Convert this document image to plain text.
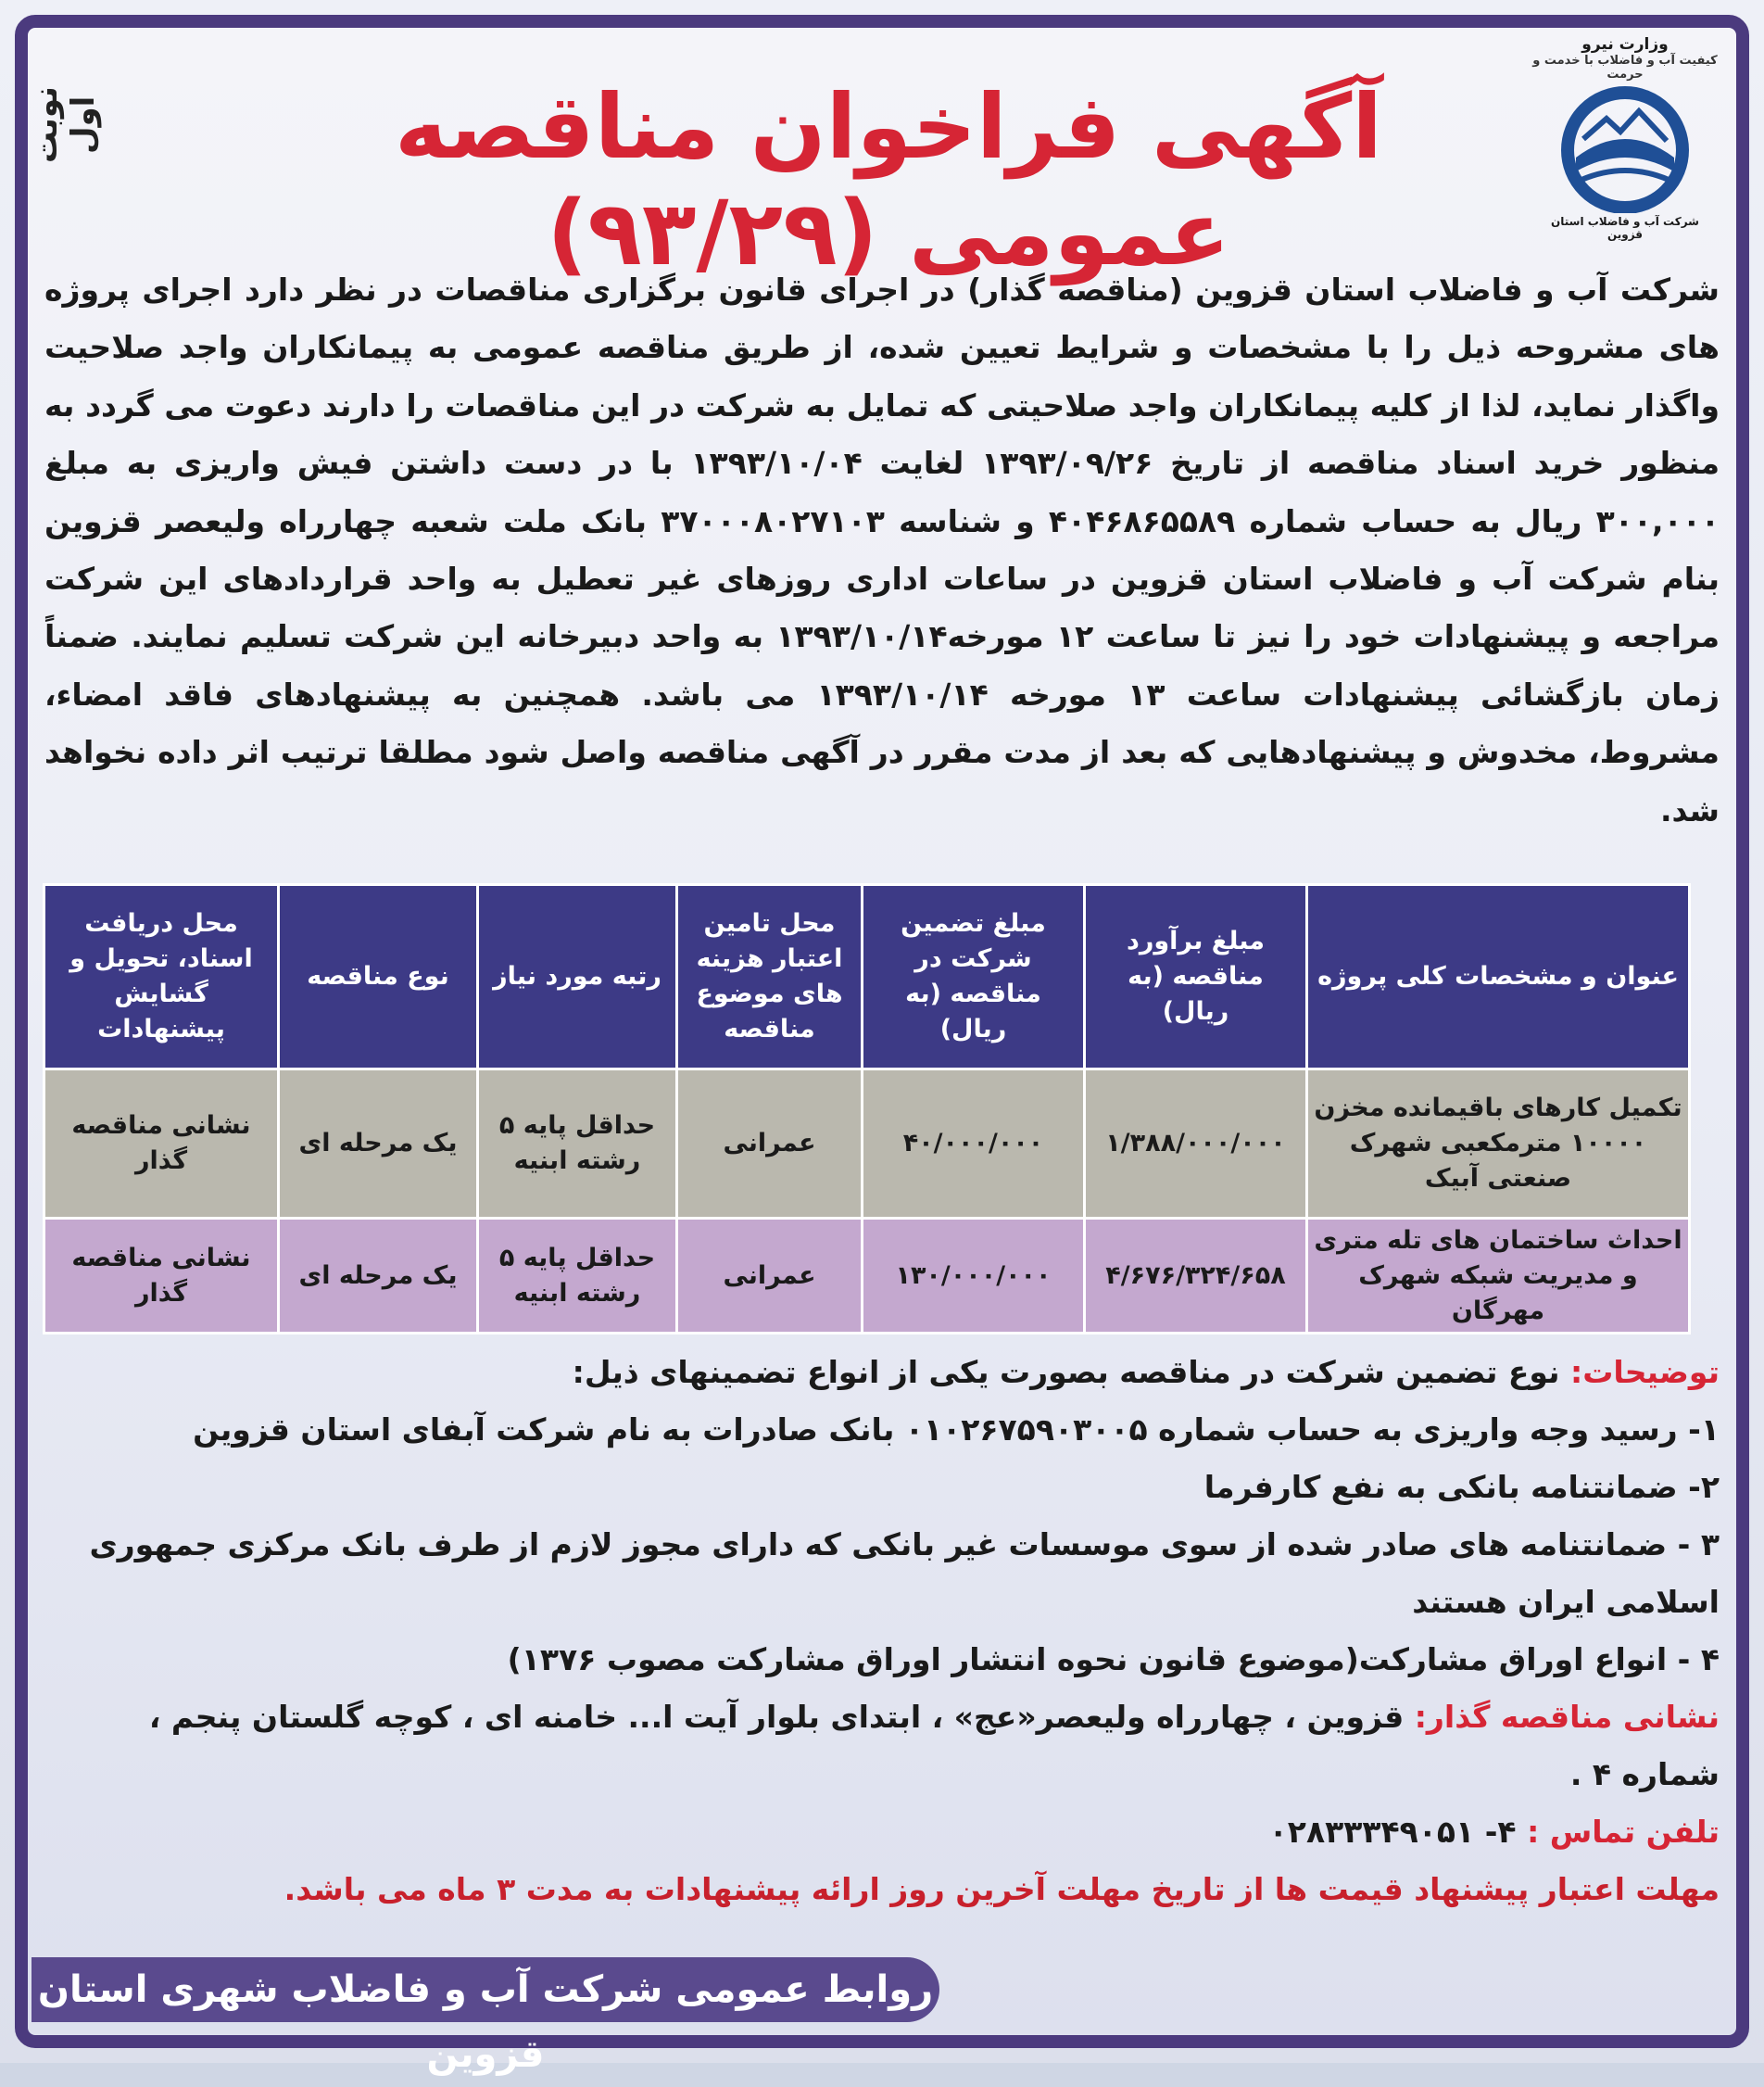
نوبت اول
وزارت نیرو
کیفیت آب و فاضلاب با خدمت و حرمت
شرکت آب و فاضلاب استان قزوین
آگهی فراخوان مناقصه عمومی (۹۳/۲۹)

شرکت آب و فاضلاب استان قزوین (مناقصه گذار) در اجرای قانون برگزاری مناقصات در نظر دارد اجرای پروژه های مشروحه ذیل را با مشخصات و شرایط تعیین شده، از طریق مناقصه عمومی به پیمانکاران واجد صلاحیت واگذار نماید، لذا از کلیه پیمانکاران واجد صلاحیتی که تمایل به شرکت در این مناقصات را دارند دعوت می گردد به منظور خرید اسناد مناقصه از تاریخ ۱۳۹۳/۰۹/۲۶ لغایت ۱۳۹۳/۱۰/۰۴ با در دست داشتن فیش واریزی به مبلغ ۳۰۰,۰۰۰ ریال به حساب شماره ۴۰۴۶۸۶۵۵۸۹ و شناسه ۳۷۰۰۰۸۰۲۷۱۰۳ بانک ملت شعبه چهارراه ولیعصر قزوین بنام شرکت آب و فاضلاب استان قزوین در ساعات اداری روزهای غیر تعطیل به واحد قراردادهای این شرکت مراجعه و پیشنهادات خود را نیز تا ساعت ۱۲ مورخه۱۳۹۳/۱۰/۱۴ به واحد دبیرخانه این شرکت تسلیم نمایند. ضمناً زمان بازگشائی پیشنهادات ساعت ۱۳ مورخه ۱۳۹۳/۱۰/۱۴ می باشد. همچنین به پیشنهادهای فاقد امضاء، مشروط، مخدوش و پیشنهادهایی که بعد از مدت مقرر در آگهی مناقصه واصل شود مطلقا ترتیب اثر داده نخواهد شد.

عنوان و مشخصات کلی پروژه	مبلغ برآورد مناقصه (به ریال)	مبلغ تضمین شرکت در مناقصه (به ریال)	محل تامین اعتبار هزینه های موضوع مناقصه	رتبه مورد نیاز	نوع مناقصه	محل دریافت اسناد، تحویل و گشایش پیشنهادات
تکمیل کارهای باقیمانده مخزن ۱۰۰۰۰ مترمکعبی شهرک صنعتی آبیک	۱/۳۸۸/۰۰۰/۰۰۰	۴۰/۰۰۰/۰۰۰	عمرانی	حداقل پایه ۵ رشته ابنیه	یک مرحله ای	نشانی مناقصه گذار
احداث ساختمان های تله متری و مدیریت شبکه شهرک مهرگان	۴/۶۷۶/۳۲۴/۶۵۸	۱۳۰/۰۰۰/۰۰۰	عمرانی	حداقل پایه ۵ رشته ابنیه	یک مرحله ای	نشانی مناقصه گذار
توضیحات: نوع تضمین شرکت در مناقصه بصورت یکی از انواع تضمینهای ذیل:
۱- رسید وجه واریزی به حساب شماره ۰۱۰۲۶۷۵۹۰۳۰۰۵ بانک صادرات به نام شرکت آبفای استان قزوین
۲- ضمانتنامه بانکی به نفع کارفرما
۳ - ضمانتنامه های صادر شده از سوی موسسات غیر بانکی که دارای مجوز لازم از طرف بانک مرکزی جمهوری اسلامی ایران هستند
۴ - انواع اوراق مشارکت(موضوع قانون نحوه انتشار اوراق مشارکت مصوب ۱۳۷۶)
نشانی مناقصه گذار: قزوین ، چهارراه ولیعصر«عج» ، ابتدای بلوار آیت ا... خامنه ای ، کوچه گلستان پنجم ، شماره ۴ .
تلفن تماس : ۴- ۰۲۸۳۳۳۴۹۰۵۱
مهلت اعتبار پیشنهاد قیمت ها از تاریخ مهلت آخرین روز ارائه پیشنهادات به مدت ۳ ماه می باشد.
روابط عمومی شرکت آب و فاضلاب شهری استان قزوین
